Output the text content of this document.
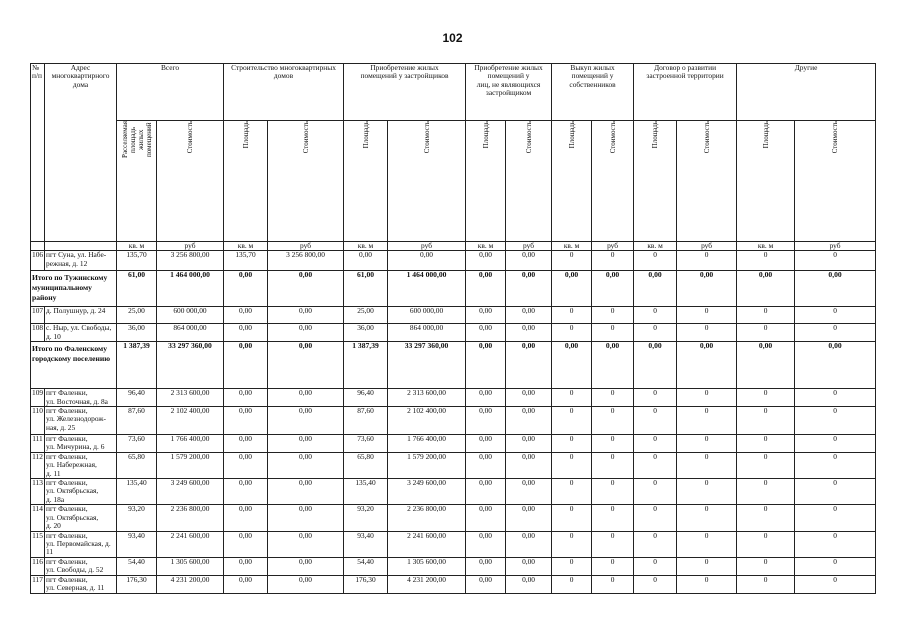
102
№
п/п	Адрес
многоквартирного
дома	Всего		Строительство многоквартирных
домов		Приобретение жилых
помещений у застройщиков		Приобретение жилых
помещений у
лиц, не являющихся
застройщиком		Выкуп жилых
помещений у
собственников		Договор о развитии
застроенной территории		Другие	
		Расселяемая
площадь
жилых
помещений	Стоимость	Площадь	Стоимость	Площадь	Стоимость	Площадь	Стоимость	Площадь	Стоимость	Площадь	Стоимость	Площадь	Стоимость
		кв. м	руб	кв. м	руб	кв. м	руб	кв. м	руб	кв. м	руб	кв. м	руб	кв. м	руб
106	пгт Суна, ул. Набе-
режная, д. 12	135,70	3 256 800,00	135,70	3 256 800,00	0,00	0,00	0,00	0,00	0	0	0	0	0	0
Итого по Тужинскому
муниципальному
району		61,00	1 464 000,00	0,00	0,00	61,00	1 464 000,00	0,00	0,00	0,00	0,00	0,00	0,00	0,00	0,00
107	д. Полушнур, д. 24	25,00	600 000,00	0,00	0,00	25,00	600 000,00	0,00	0,00	0	0	0	0	0	0
108	с. Ныр, ул. Свободы,
д. 10	36,00	864 000,00	0,00	0,00	36,00	864 000,00	0,00	0,00	0	0	0	0	0	0
Итого по Фаленскому
городскому поселению		1 387,39	33 297 360,00	0,00	0,00	1 387,39	33 297 360,00	0,00	0,00	0,00	0,00	0,00	0,00	0,00	0,00
109	пгт Фаленки,
ул. Восточная, д. 8а	96,40	2 313 600,00	0,00	0,00	96,40	2 313 600,00	0,00	0,00	0	0	0	0	0	0
110	пгт Фаленки,
ул. Железнодорож-
ная, д. 25	87,60	2 102 400,00	0,00	0,00	87,60	2 102 400,00	0,00	0,00	0	0	0	0	0	0
111	пгт Фаленки,
ул. Мичурина, д. 6	73,60	1 766 400,00	0,00	0,00	73,60	1 766 400,00	0,00	0,00	0	0	0	0	0	0
112	пгт Фаленки,
ул. Набережная,
д. 11	65,80	1 579 200,00	0,00	0,00	65,80	1 579 200,00	0,00	0,00	0	0	0	0	0	0
113	пгт Фаленки,
ул. Октябрьская,
д. 18а	135,40	3 249 600,00	0,00	0,00	135,40	3 249 600,00	0,00	0,00	0	0	0	0	0	0
114	пгт Фаленки,
ул. Октябрьская,
д. 20	93,20	2 236 800,00	0,00	0,00	93,20	2 236 800,00	0,00	0,00	0	0	0	0	0	0
115	пгт Фаленки,
ул. Первомайская, д.
11	93,40	2 241 600,00	0,00	0,00	93,40	2 241 600,00	0,00	0,00	0	0	0	0	0	0
116	пгт Фаленки,
ул. Свободы, д. 52	54,40	1 305 600,00	0,00	0,00	54,40	1 305 600,00	0,00	0,00	0	0	0	0	0	0
117	пгт Фаленки,
ул. Северная, д. 11	176,30	4 231 200,00	0,00	0,00	176,30	4 231 200,00	0,00	0,00	0	0	0	0	0	0
